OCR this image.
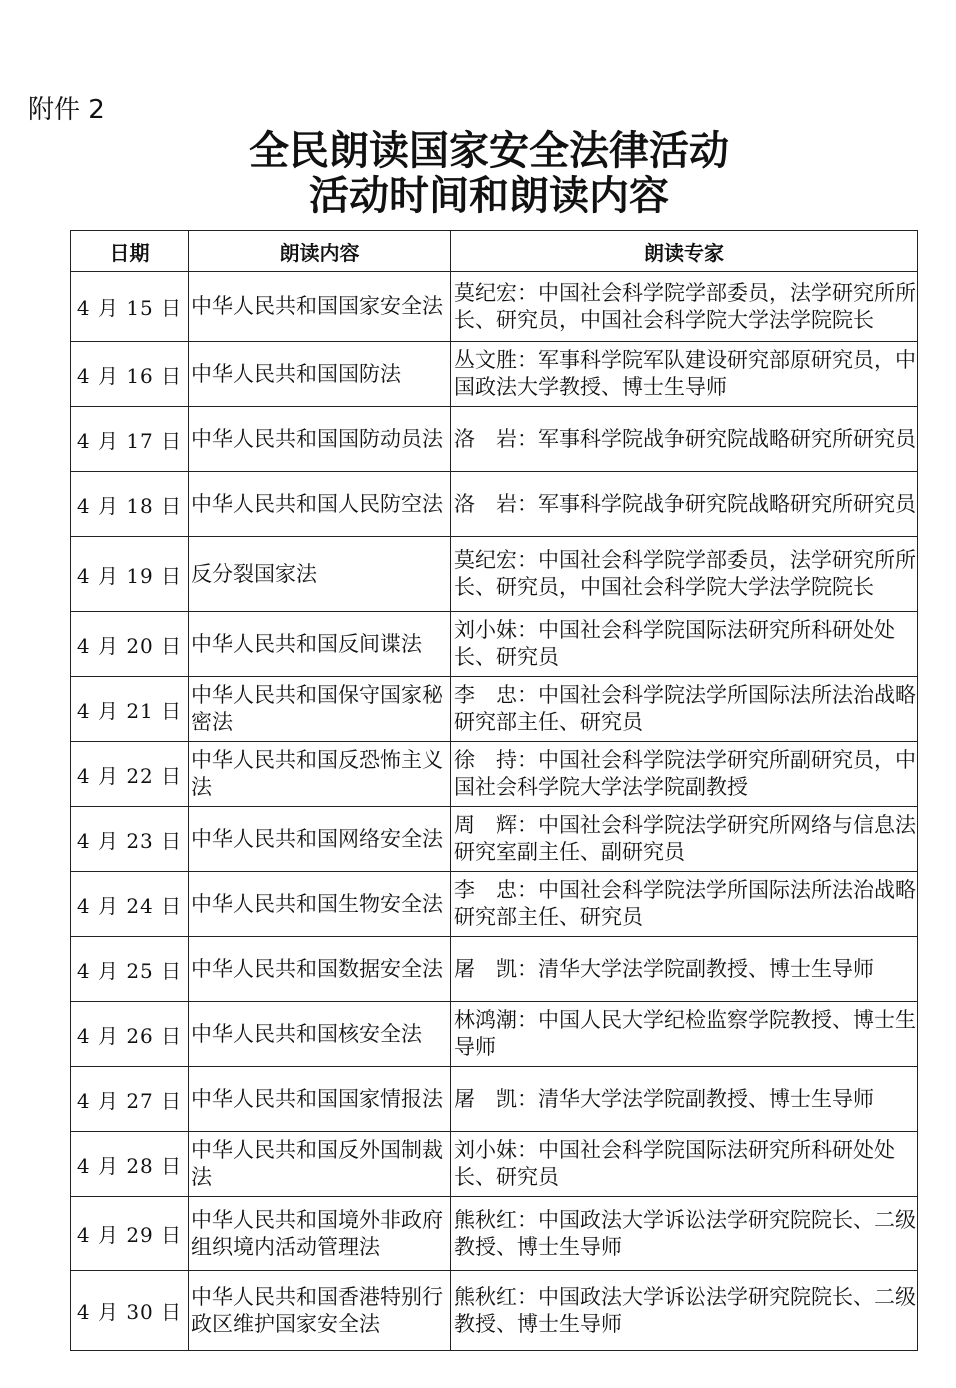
附件 2
全民朗读国家安全法律活动
活动时间和朗读内容
日期	朗读内容	朗读专家
4 月 15 日	中华人民共和国国家安全法	莫纪宏：中国社会科学院学部委员，法学研究所所长、研究员，中国社会科学院大学法学院院长

4 月 16 日	中华人民共和国国防法	丛文胜：军事科学院军队建设研究部原研究员，中国政法大学教授、博士生导师

4 月 17 日	中华人民共和国国防动员法	洛　岩：军事科学院战争研究院战略研究所研究员

4 月 18 日	中华人民共和国人民防空法	洛　岩：军事科学院战争研究院战略研究所研究员

4 月 19 日	反分裂国家法	莫纪宏：中国社会科学院学部委员，法学研究所所长、研究员，中国社会科学院大学法学院院长

4 月 20 日	中华人民共和国反间谍法	刘小妹：中国社会科学院国际法研究所科研处处长、研究员

4 月 21 日	中华人民共和国保守国家秘密法	李　忠：中国社会科学院法学所国际法所法治战略研究部主任、研究员

4 月 22 日	中华人民共和国反恐怖主义法	徐　持：中国社会科学院法学研究所副研究员，中国社会科学院大学法学院副教授

4 月 23 日	中华人民共和国网络安全法	周　辉：中国社会科学院法学研究所网络与信息法研究室副主任、副研究员

4 月 24 日	中华人民共和国生物安全法	李　忠：中国社会科学院法学所国际法所法治战略研究部主任、研究员

4 月 25 日	中华人民共和国数据安全法	屠　凯：清华大学法学院副教授、博士生导师

4 月 26 日	中华人民共和国核安全法	林鸿潮：中国人民大学纪检监察学院教授、博士生导师

4 月 27 日	中华人民共和国国家情报法	屠　凯：清华大学法学院副教授、博士生导师

4 月 28 日	中华人民共和国反外国制裁法	刘小妹：中国社会科学院国际法研究所科研处处长、研究员

4 月 29 日	中华人民共和国境外非政府组织境内活动管理法	熊秋红：中国政法大学诉讼法学研究院院长、二级教授、博士生导师

4 月 30 日	中华人民共和国香港特别行政区维护国家安全法	熊秋红：中国政法大学诉讼法学研究院院长、二级教授、博士生导师
